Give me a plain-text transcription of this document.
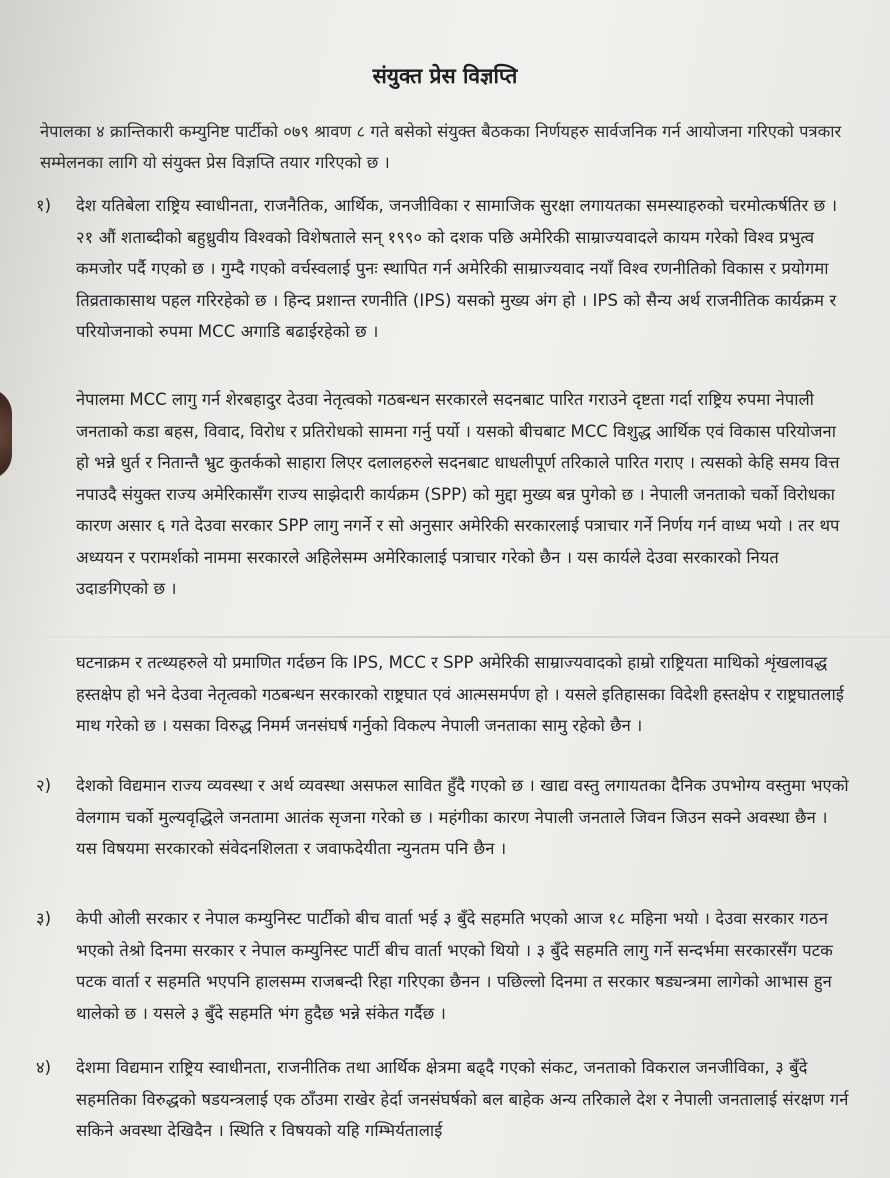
संयुक्त प्रेस विज्ञप्ति

नेपालका ४ क्रान्तिकारी कम्युनिष्ट पार्टीको ०७९ श्रावण ८ गते बसेको संयुक्त बैठकका निर्णयहरु सार्वजनिक गर्न आयोजना गरिएको पत्रकार सम्मेलनका लागि यो संयुक्त प्रेस विज्ञप्ति तयार गरिएको छ ।

१)	देश यतिबेला राष्ट्रिय स्वाधीनता, राजनैतिक, आर्थिक, जनजीविका र सामाजिक सुरक्षा लगायतका समस्याहरुको चरमोत्कर्षतिर छ । २१ औं शताब्दीको बहुध्रुवीय विश्वको विशेषताले सन् १९९० को दशक पछि अमेरिकी साम्राज्यवादले कायम गरेको विश्व प्रभुत्व कमजोर पर्दै गएको छ । गुम्दै गएको वर्चस्वलाई पुनः स्थापित गर्न अमेरिकी साम्राज्यवाद नयाँ विश्व रणनीतिको विकास र प्रयोगमा तिव्रताकासाथ पहल गरिरहेको छ । हिन्द प्रशान्त रणनीति (IPS) यसको मुख्य अंग हो । IPS को सैन्य अर्थ राजनीतिक कार्यक्रम र परियोजनाको रुपमा MCC अगाडि बढाईरहेको छ ।

नेपालमा MCC लागु गर्न शेरबहादुर देउवा नेतृत्वको गठबन्धन सरकारले सदनबाट पारित गराउने दृष्टता गर्दा राष्ट्रिय रुपमा नेपाली जनताको कडा बहस, विवाद, विरोध र प्रतिरोधको सामना गर्नु पर्यो । यसको बीचबाट MCC विशुद्ध आर्थिक एवं विकास परियोजना हो भन्ने धुर्त र नितान्तै भ्रुट कुतर्कको साहारा लिएर दलालहरुले सदनबाट धाधलीपूर्ण तरिकाले पारित गराए । त्यसको केहि समय वित्त नपाउदै संयुक्त राज्य अमेरिकासँग राज्य साझेदारी कार्यक्रम (SPP) को मुद्दा मुख्य बन्न पुगेको छ । नेपाली जनताको चर्को विरोधका कारण असार ६ गते देउवा सरकार SPP लागु नगर्ने र सो अनुसार अमेरिकी सरकारलाई पत्राचार गर्ने निर्णय गर्न वाध्य भयो । तर थप अध्ययन र परामर्शको नाममा सरकारले अहिलेसम्म अमेरिकालाई पत्राचार गरेको छैन । यस कार्यले देउवा सरकारको नियत उदाङगिएको छ ।

घटनाक्रम र तत्थ्यहरुले यो प्रमाणित गर्दछन कि IPS, MCC र SPP अमेरिकी साम्राज्यवादको हाम्रो राष्ट्रियता माथिको शृंखलावद्ध हस्तक्षेप हो भने देउवा नेतृत्वको गठबन्धन सरकारको राष्ट्रघात एवं आत्मसमर्पण हो । यसले इतिहासका विदेशी हस्तक्षेप र राष्ट्रघातलाई माथ गरेको छ । यसका विरुद्ध निमर्म जनसंघर्ष गर्नुको विकल्प नेपाली जनताका सामु रहेको छैन ।

२)	देशको विद्यमान राज्य व्यवस्था र अर्थ व्यवस्था असफल सावित हुँदै गएको छ । खाद्य वस्तु लगायतका दैनिक उपभोग्य वस्तुमा भएको वेलगाम चर्को मुल्यवृद्धिले जनतामा आतंक सृजना गरेको छ । महंगीका कारण नेपाली जनताले जिवन जिउन सक्ने अवस्था छैन । यस विषयमा सरकारको संवेदनशिलता र जवाफदेयीता न्युनतम पनि छैन ।

३)	केपी ओली सरकार र नेपाल कम्युनिस्ट पार्टीको बीच वार्ता भई ३ बुँदे सहमति भएको आज १८ महिना भयो । देउवा सरकार गठन भएको तेश्रो दिनमा सरकार र नेपाल कम्युनिस्ट पार्टी बीच वार्ता भएको थियो । ३ बुँदे सहमति लागु गर्ने सन्दर्भमा सरकारसँग पटक पटक वार्ता र सहमति भएपनि हालसम्म राजबन्दी रिहा गरिएका छैनन । पछिल्लो दिनमा त सरकार षड्यन्त्रमा लागेको आभास हुन थालेको छ । यसले ३ बुँदे सहमति भंग हुदैछ भन्ने संकेत गर्दैछ ।

४)	देशमा विद्यमान राष्ट्रिय स्वाधीनता, राजनीतिक तथा आर्थिक क्षेत्रमा बढ्दै गएको संकट, जनताको विकराल जनजीविका, ३ बुँदे सहमतिका विरुद्धको षडयन्त्रलाई एक ठाँउमा राखेर हेर्दा जनसंघर्षको बल बाहेक अन्य तरिकाले देश र नेपाली जनतालाई संरक्षण गर्न सकिने अवस्था देखिदैन । स्थिति र विषयको यहि गम्भिर्यतालाई
